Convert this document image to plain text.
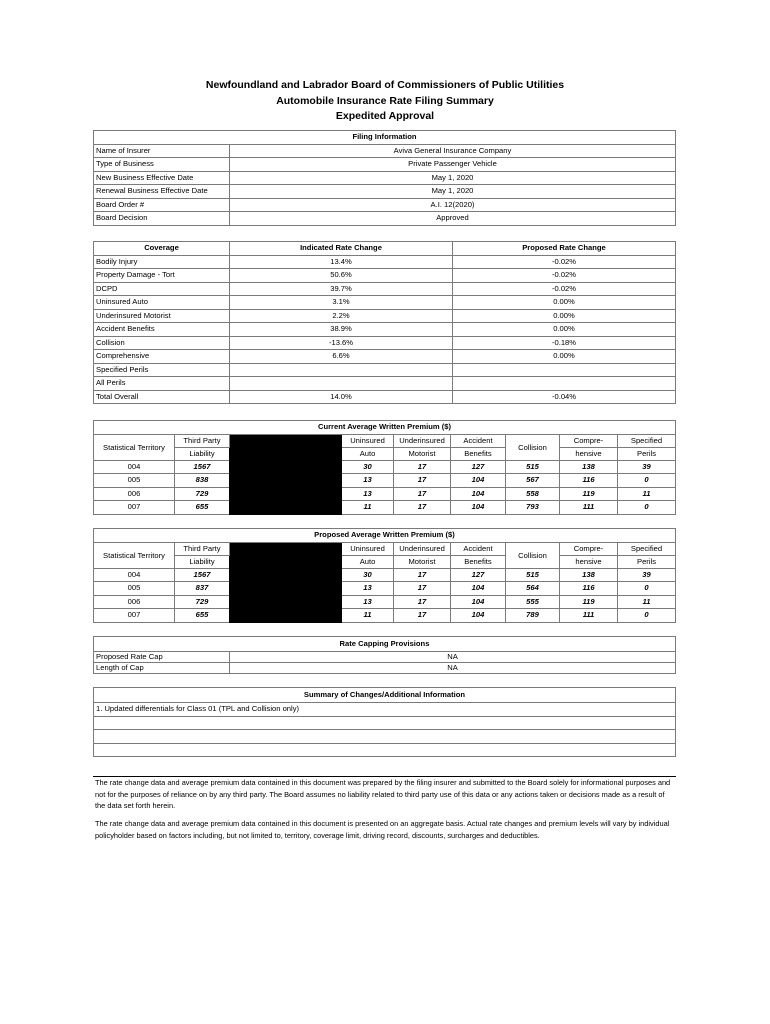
Newfoundland and Labrador Board of Commissioners of Public Utilities
Automobile Insurance Rate Filing Summary
Expedited Approval
Filing Information	
Name of Insurer	Aviva General Insurance Company
Type of Business	Private Passenger Vehicle
New Business Effective Date	May 1, 2020
Renewal Business Effective Date	May 1, 2020
Board Order #	A.I. 12(2020)
Board Decision	Approved
Coverage	Indicated Rate Change	Proposed Rate Change
Bodily Injury	13.4%	-0.02%
Property Damage - Tort	50.6%	-0.02%
DCPD	39.7%	-0.02%
Uninsured Auto	3.1%	0.00%
Underinsured Motorist	2.2%	0.00%
Accident Benefits	38.9%	0.00%
Collision	-13.6%	-0.18%
Comprehensive	6.6%	0.00%
Specified Perils		
All Perils		
Total Overall	14.0%	-0.04%
Current Average Written Premium ($)								
Statistical Territory	Third Party		Uninsured	Underinsured	Accident	Collision	Compre-	Specified
	Liability		Auto	Motorist	Benefits		hensive	Perils
004	1567		30	17	127	515	138	39
005	838		13	17	104	567	116	0
006	729		13	17	104	558	119	11
007	655		11	17	104	793	111	0
Proposed Average Written Premium ($)								
Statistical Territory	Third Party		Uninsured	Underinsured	Accident	Collision	Compre-	Specified
	Liability		Auto	Motorist	Benefits		hensive	Perils
004	1567		30	17	127	515	138	39
005	837		13	17	104	564	116	0
006	729		13	17	104	555	119	11
007	655		11	17	104	789	111	0
Rate Capping Provisions	
Proposed Rate Cap	NA
Length of Cap	NA
Summary of Changes/Additional Information
1. Updated differentials for Class 01 (TPL and Collision only)

The rate change data and average premium data contained in this document was prepared by the filing insurer and submitted to the Board solely for informational purposes and not for the purposes of reliance on by any third party. The Board assumes no liability related to third party use of this data or any actions taken or decisions made as a result of the data set forth herein.
The rate change data and average premium data contained in this document is presented on an aggregate basis. Actual rate changes and premium levels will vary by individual policyholder based on factors including, but not limited to, territory, coverage limit, driving record, discounts, surcharges and deductibles.
